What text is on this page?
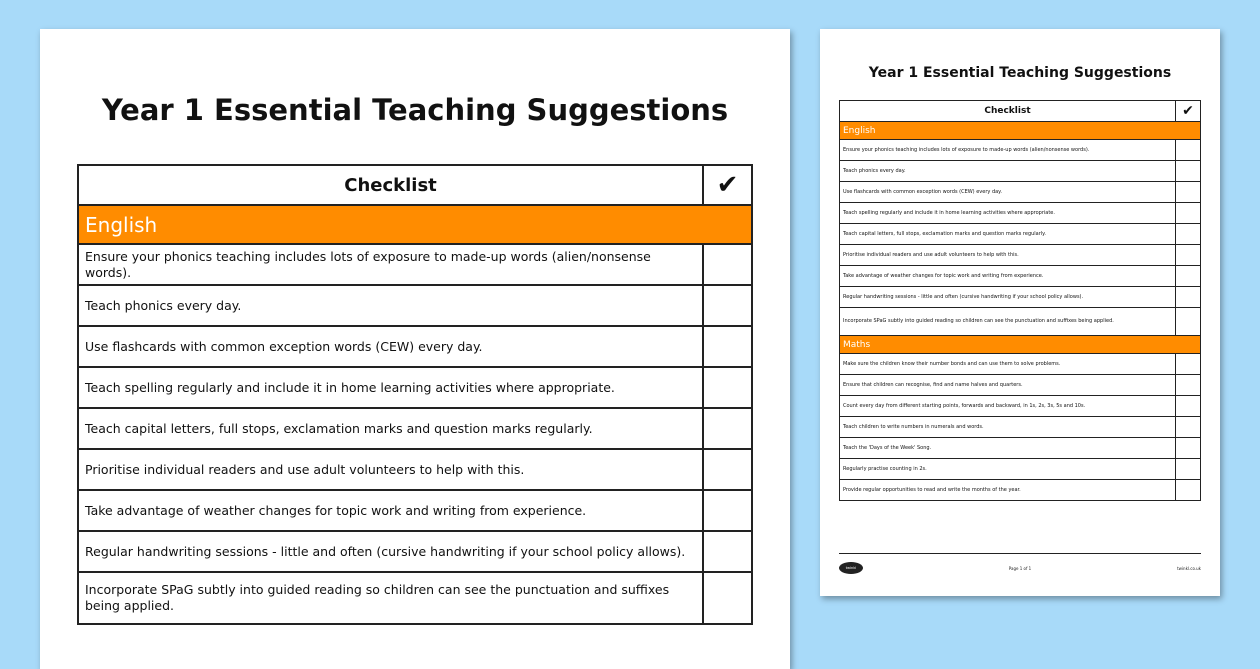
Year 1 Essential Teaching Suggestions
Checklist	✔
English	
Ensure your phonics teaching includes lots of exposure to made-up words (alien/nonsense words).	
Teach phonics every day.	
Use flashcards with common exception words (CEW) every day.	
Teach spelling regularly and include it in home learning activities where appropriate.	
Teach capital letters, full stops, exclamation marks and question marks regularly.	
Prioritise individual readers and use adult volunteers to help with this.	
Take advantage of weather changes for topic work and writing from experience.	
Regular handwriting sessions - little and often (cursive handwriting if your school policy allows).	
Incorporate SPaG subtly into guided reading so children can see the punctuation and suffixes being applied.	
Year 1 Essential Teaching Suggestions
Checklist	✔
English	
Ensure your phonics teaching includes lots of exposure to made-up words (alien/nonsense words).	
Teach phonics every day.	
Use flashcards with common exception words (CEW) every day.	
Teach spelling regularly and include it in home learning activities where appropriate.	
Teach capital letters, full stops, exclamation marks and question marks regularly.	
Prioritise individual readers and use adult volunteers to help with this.	
Take advantage of weather changes for topic work and writing from experience.	
Regular handwriting sessions - little and often (cursive handwriting if your school policy allows).	
Incorporate SPaG subtly into guided reading so children can see the punctuation and suffixes being applied.	
Maths	
Make sure the children know their number bonds and can use them to solve problems.	
Ensure that children can recognise, find and name halves and quarters.	
Count every day from different starting points, forwards and backward, in 1s, 2s, 3s, 5s and 10s.	
Teach children to write numbers in numerals and words.	
Teach the 'Days of the Week' Song.	
Regularly practise counting in 2s.	
Provide regular opportunities to read and write the months of the year.	
twinkl	Page 1 of 1	twinkl.co.uk
